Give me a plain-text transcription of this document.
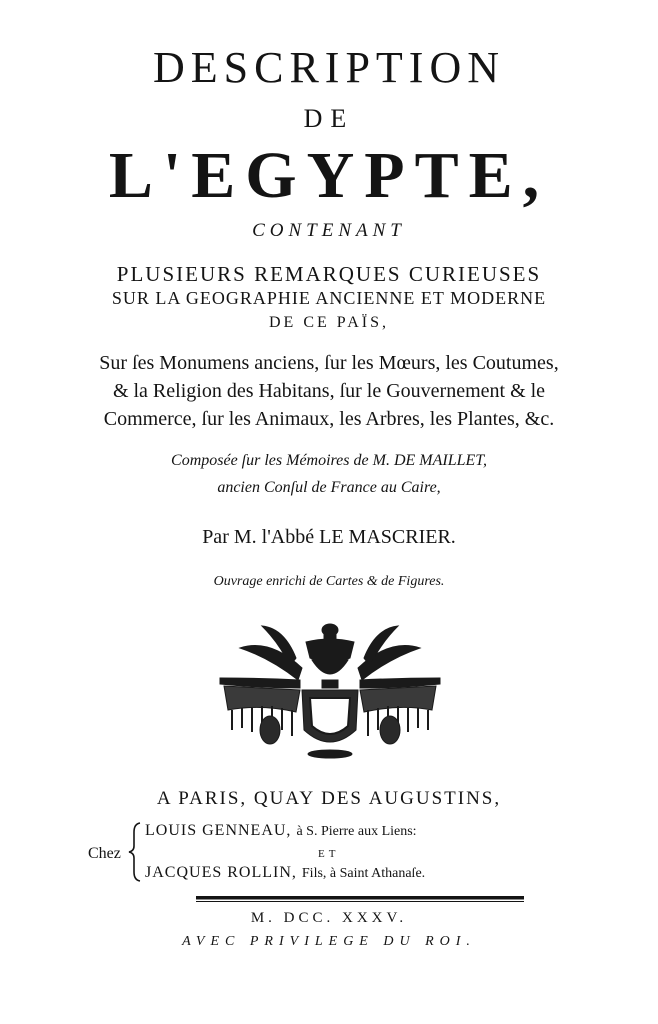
DESCRIPTION
DE
L'EGYPTE,
CONTENANT
PLUSIEURS REMARQUES CURIEUSES
SUR LA GEOGRAPHIE ANCIENNE ET MODERNE
DE CE PAÏS,
Sur ſes Monumens anciens, ſur les Mœurs, les Coutumes,
& la Religion des Habitans, ſur le Gouvernement & le
Commerce, ſur les Animaux, les Arbres, les Plantes, &c.
Composée ſur les Mémoires de M. DE MAILLET,
ancien Conſul de France au Caire,
Par M. l'Abbé LE MASCRIER.
Ouvrage enrichi de Cartes & de Figures.
A PARIS, QUAY DES AUGUSTINS,
Chez
LOUIS GENNEAU, à S. Pierre aux Liens:
ET
JACQUES ROLLIN, Fils, à Saint Athanaſe.
M. DCC. XXXV.
AVEC PRIVILEGE DU ROI.
